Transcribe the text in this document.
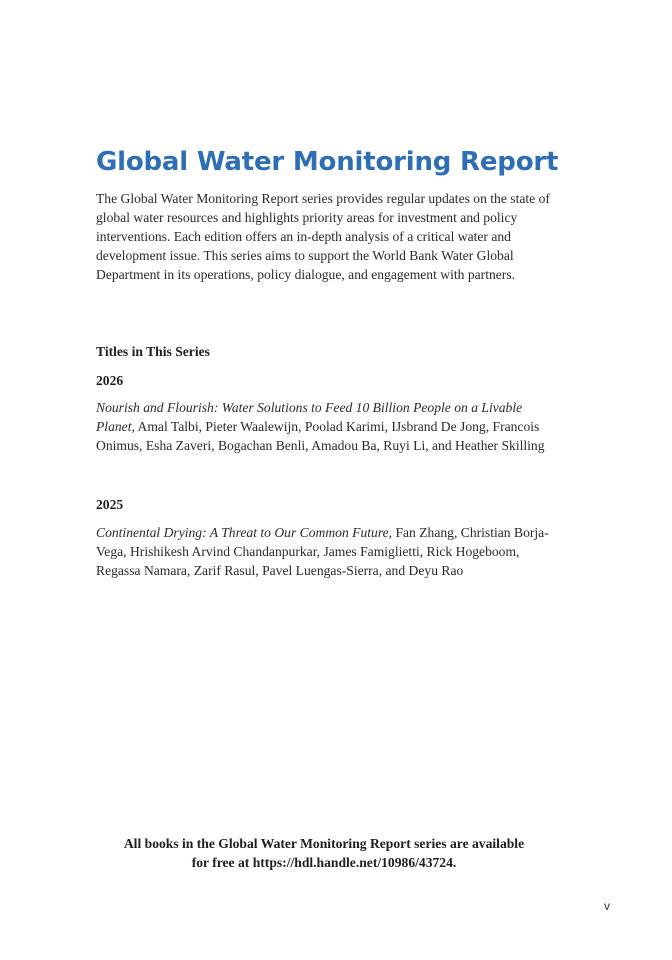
Global Water Monitoring Report

The Global Water Monitoring Report series provides regular updates on the state of global water resources and highlights priority areas for investment and policy interventions. Each edition offers an in-depth analysis of a critical water and development issue. This series aims to support the World Bank Water Global Department in its operations, policy dialogue, and engagement with partners.

Titles in This Series
2026

Nourish and Flourish: Water Solutions to Feed 10 Billion People on a Livable Planet, Amal Talbi, Pieter Waalewijn, Poolad Karimi, IJsbrand De Jong, Francois Onimus, Esha Zaveri, Bogachan Benli, Amadou Ba, Ruyi Li, and Heather Skilling

2025

Continental Drying: A Threat to Our Common Future, Fan Zhang, Christian Borja-Vega, Hrishikesh Arvind Chandanpurkar, James Famiglietti, Rick Hogeboom, Regassa Namara, Zarif Rasul, Pavel Luengas-Sierra, and Deyu Rao

All books in the Global Water Monitoring Report series are available
for free at https://hdl.handle.net/10986/43724.

v
